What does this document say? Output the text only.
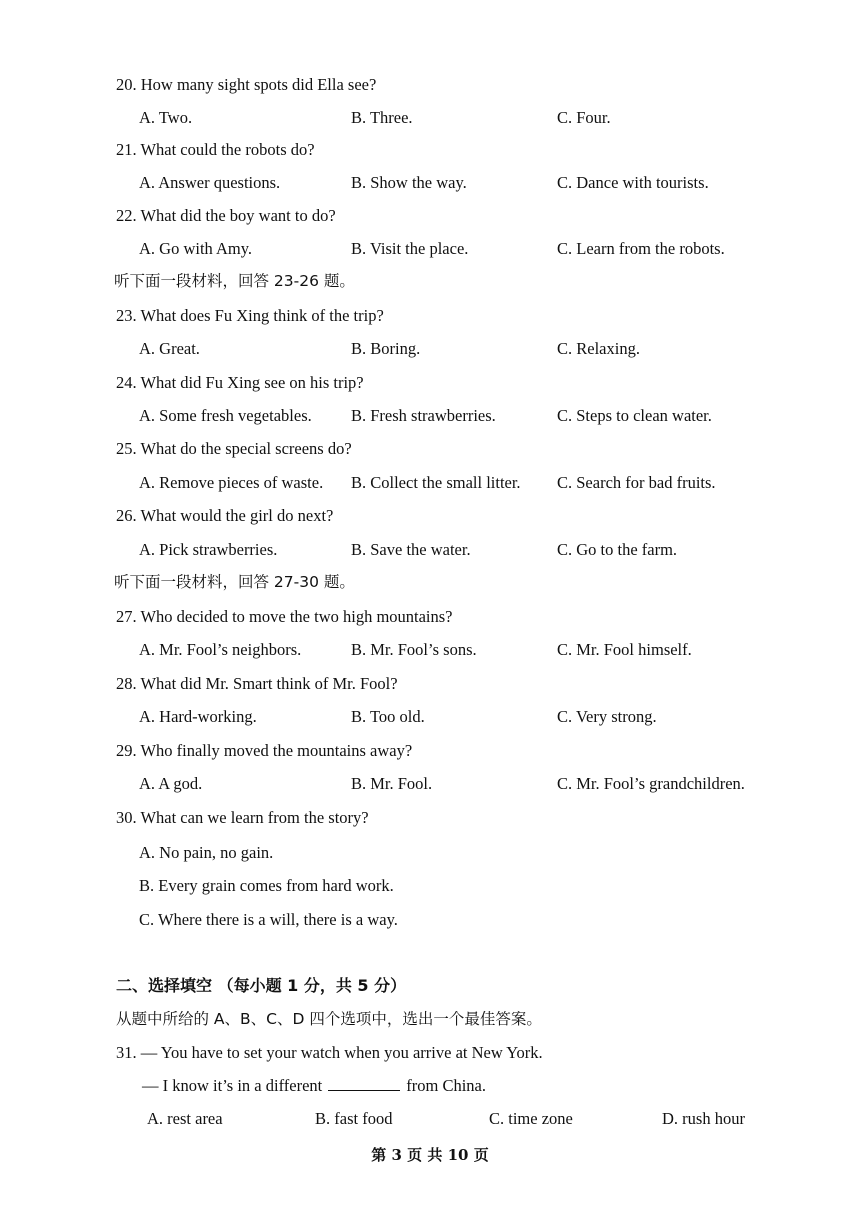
20. How many sight spots did Ella see?
A. Two.	B. Three.	C. Four.
21. What could the robots do?
A. Answer questions.	B. Show the way.	C. Dance with tourists.
22. What did the boy want to do?
A. Go with Amy.	B. Visit the place.	C. Learn from the robots.
听下面一段材料，回答 23-26 题。
23. What does Fu Xing think of the trip?
A. Great.	B. Boring.	C. Relaxing.
24. What did Fu Xing see on his trip?
A. Some fresh vegetables. B. Fresh strawberries.	C. Steps to clean water.
25. What do the special screens do?
A. Remove pieces of waste. B. Collect the small litter. C. Search for bad fruits.
26. What would the girl do next?
A. Pick strawberries.	B. Save the water.	C. Go to the farm.
听下面一段材料，回答 27-30 题。
27. Who decided to move the two high mountains?
A. Mr. Fool’s neighbors.	B. Mr. Fool’s sons.	C. Mr. Fool himself.
28. What did Mr. Smart think of Mr. Fool?
A. Hard-working.	B. Too old.	C. Very strong.
29. Who finally moved the mountains away?
A. A god.	B. Mr. Fool.	C. Mr. Fool’s grandchildren.
30. What can we learn from the story?
A. No pain, no gain.
B. Every grain comes from hard work.
C. Where there is a will, there is a way.
二、选择填空 （每小题 1 分，共 5 分）
从题中所给的 A、B、C、D 四个选项中，选出一个最佳答案。
31. — You have to set your watch when you arrive at New York.
— I know it’s in a different	from China.
A. rest area	B. fast food	C. time zone	D. rush hour
第 3 页 共 10 页
